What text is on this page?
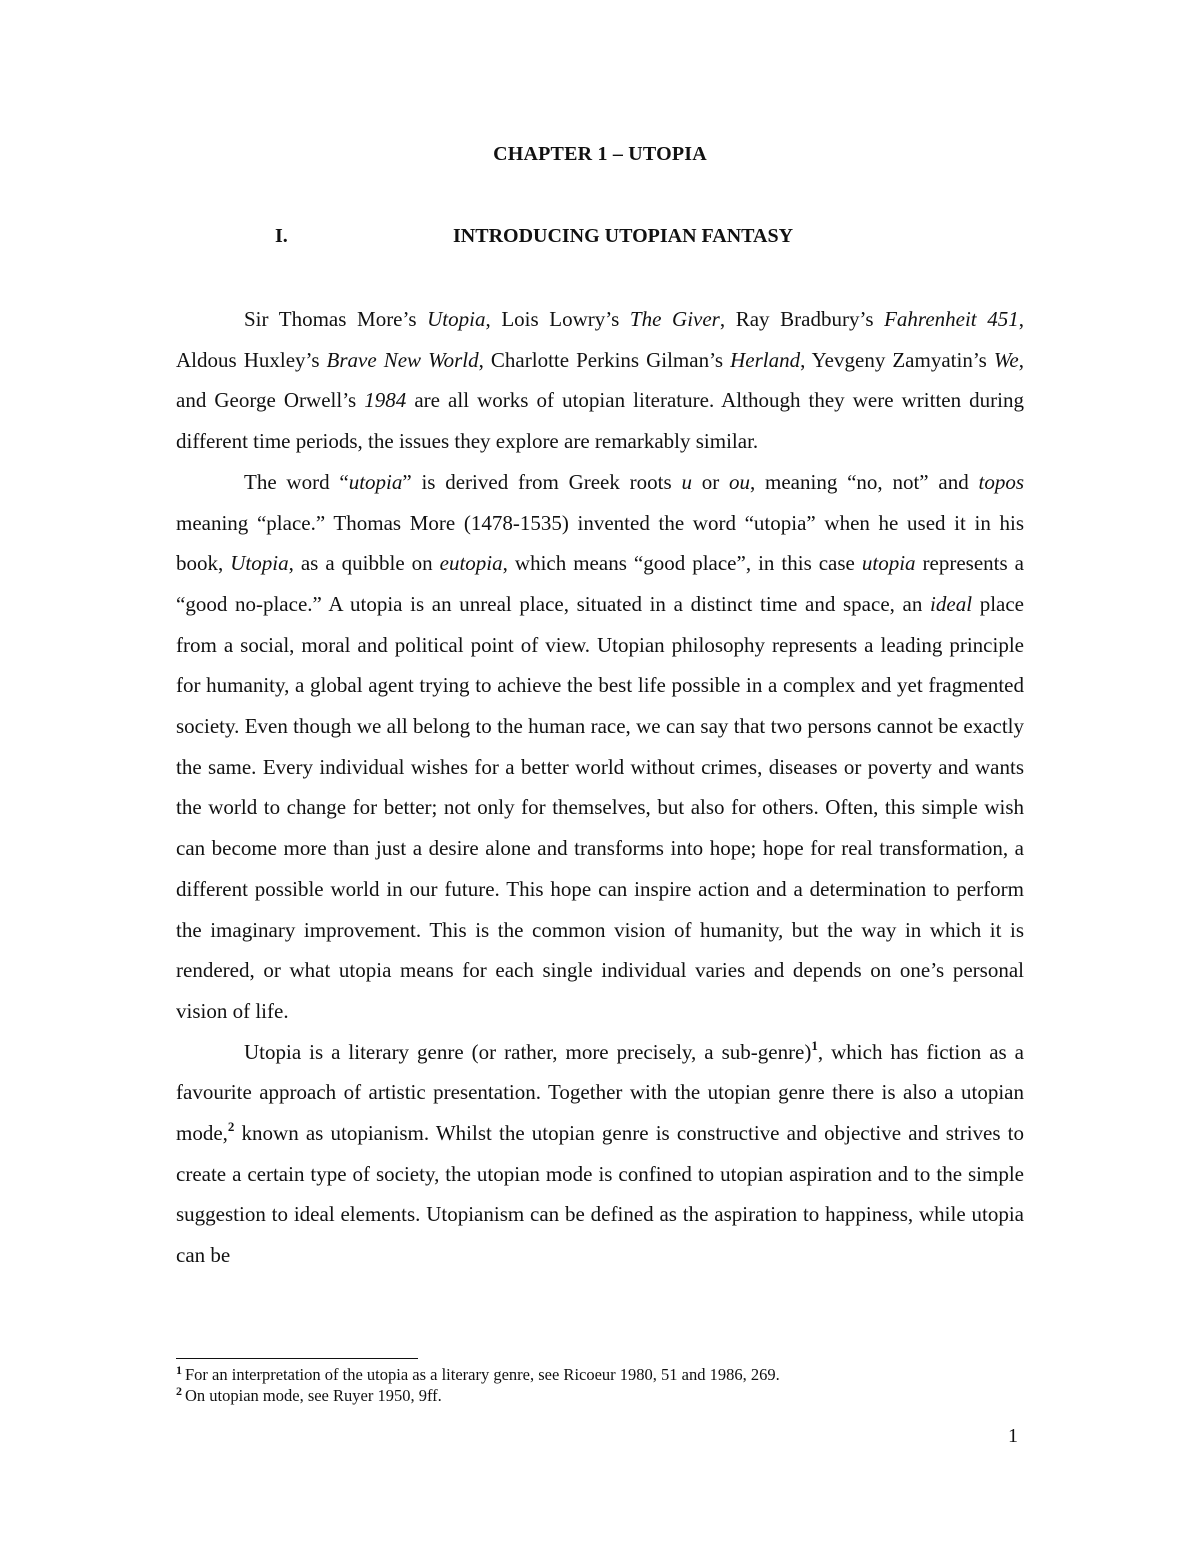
CHAPTER 1 – UTOPIA
I.	INTRODUCING UTOPIAN FANTASY

Sir Thomas More’s Utopia, Lois Lowry’s The Giver, Ray Bradbury’s Fahrenheit 451, Aldous Huxley’s Brave New World, Charlotte Perkins Gilman’s Herland, Yevgeny Zamyatin’s We, and George Orwell’s 1984 are all works of utopian literature. Although they were written during different time periods, the issues they explore are remarkably similar.

The word “utopia” is derived from Greek roots u or ou, meaning “no, not” and topos meaning “place.” Thomas More (1478-1535) invented the word “utopia” when he used it in his book, Utopia, as a quibble on eutopia, which means “good place”, in this case utopia represents a “good no-place.” A utopia is an unreal place, situated in a distinct time and space, an ideal place from a social, moral and political point of view. Utopian philosophy represents a leading principle for humanity, a global agent trying to achieve the best life possible in a complex and yet fragmented society. Even though we all belong to the human race, we can say that two persons cannot be exactly the same. Every individual wishes for a better world without crimes, diseases or poverty and wants the world to change for better; not only for themselves, but also for others. Often, this simple wish can become more than just a desire alone and transforms into hope; hope for real transformation, a different possible world in our future. This hope can inspire action and a determination to perform the imaginary improvement. This is the common vision of humanity, but the way in which it is rendered, or what utopia means for each single individual varies and depends on one’s personal vision of life.

Utopia is a literary genre (or rather, more precisely, a sub-genre)$^1$, which has fiction as a favourite approach of artistic presentation. Together with the utopian genre there is also a utopian mode,$^2$ known as utopianism. Whilst the utopian genre is constructive and objective and strives to create a certain type of society, the utopian mode is confined to utopian aspiration and to the simple suggestion to ideal elements. Utopianism can be defined as the aspiration to happiness, while utopia can be

$^1$ For an interpretation of the utopia as a literary genre, see Ricoeur 1980, 51 and 1986, 269.
$^2$ On utopian mode, see Ruyer 1950, 9ff.
1
